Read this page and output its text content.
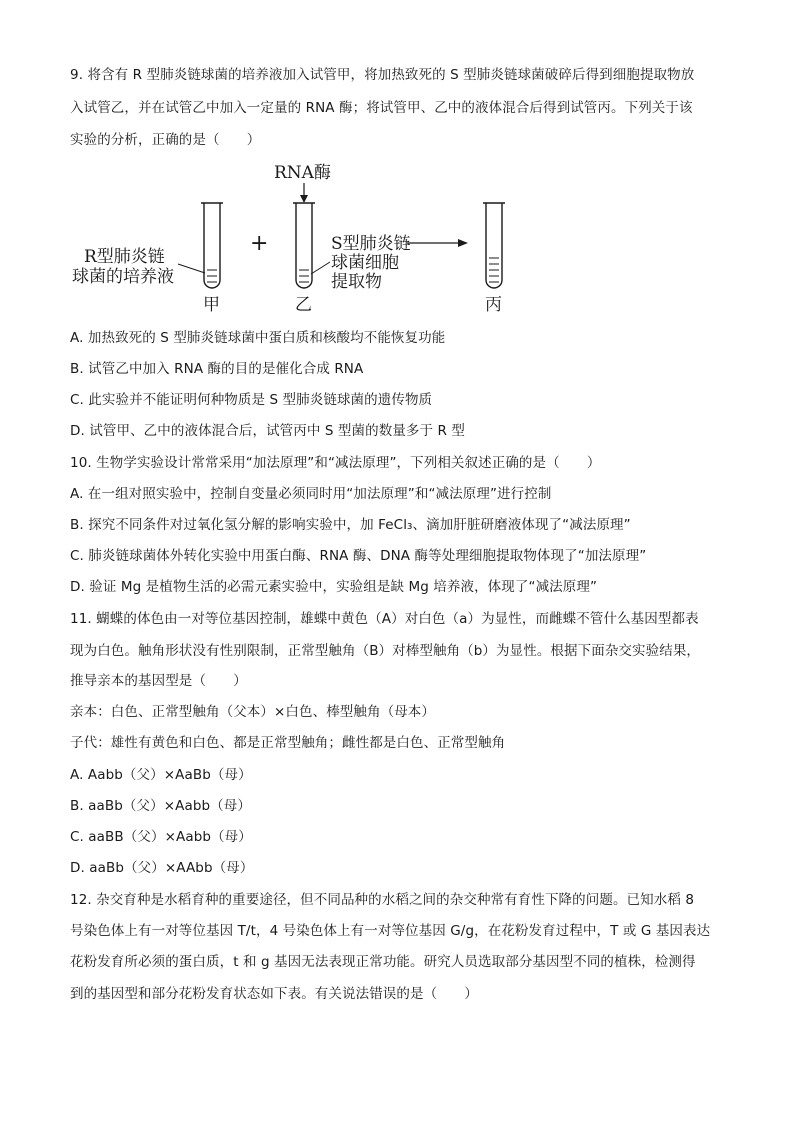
9. 将含有 R 型肺炎链球菌的培养液加入试管甲，将加热致死的 S 型肺炎链球菌破碎后得到细胞提取物放
入试管乙，并在试管乙中加入一定量的 RNA 酶；将试管甲、乙中的液体混合后得到试管丙。下列关于该
实验的分析，正确的是（　　）
RNA酶
R型肺炎链
球菌的培养液
甲
+	S型肺炎链
球菌细胞
提取物
乙	丙
A. 加热致死的 S 型肺炎链球菌中蛋白质和核酸均不能恢复功能
B. 试管乙中加入 RNA 酶的目的是催化合成 RNA
C. 此实验并不能证明何种物质是 S 型肺炎链球菌的遗传物质
D. 试管甲、乙中的液体混合后，试管丙中 S 型菌的数量多于 R 型
10. 生物学实验设计常常采用“加法原理”和“减法原理”，下列相关叙述正确的是（　　）
A. 在一组对照实验中，控制自变量必须同时用“加法原理”和“减法原理”进行控制
B. 探究不同条件对过氧化氢分解的影响实验中，加 FeCl₃、滴加肝脏研磨液体现了“减法原理”
C. 肺炎链球菌体外转化实验中用蛋白酶、RNA 酶、DNA 酶等处理细胞提取物体现了“加法原理”
D. 验证 Mg 是植物生活的必需元素实验中，实验组是缺 Mg 培养液，体现了“减法原理”
11. 蝴蝶的体色由一对等位基因控制，雄蝶中黄色（A）对白色（a）为显性，而雌蝶不管什么基因型都表
现为白色。触角形状没有性别限制，正常型触角（B）对棒型触角（b）为显性。根据下面杂交实验结果，
推导亲本的基因型是（　　）
亲本：白色、正常型触角（父本）×白色、棒型触角（母本）
子代：雄性有黄色和白色、都是正常型触角；雌性都是白色、正常型触角
A. Aabb（父）×AaBb（母）
B. aaBb（父）×Aabb（母）
C. aaBB（父）×Aabb（母）
D. aaBb（父）×AAbb（母）
12. 杂交育种是水稻育种的重要途径，但不同品种的水稻之间的杂交种常有育性下降的问题。已知水稻 8
号染色体上有一对等位基因 T/t，4 号染色体上有一对等位基因 G/g，在花粉发育过程中，T 或 G 基因表达
花粉发育所必须的蛋白质，t 和 g 基因无法表现正常功能。研究人员选取部分基因型不同的植株，检测得
到的基因型和部分花粉发育状态如下表。有关说法错误的是（　　）
